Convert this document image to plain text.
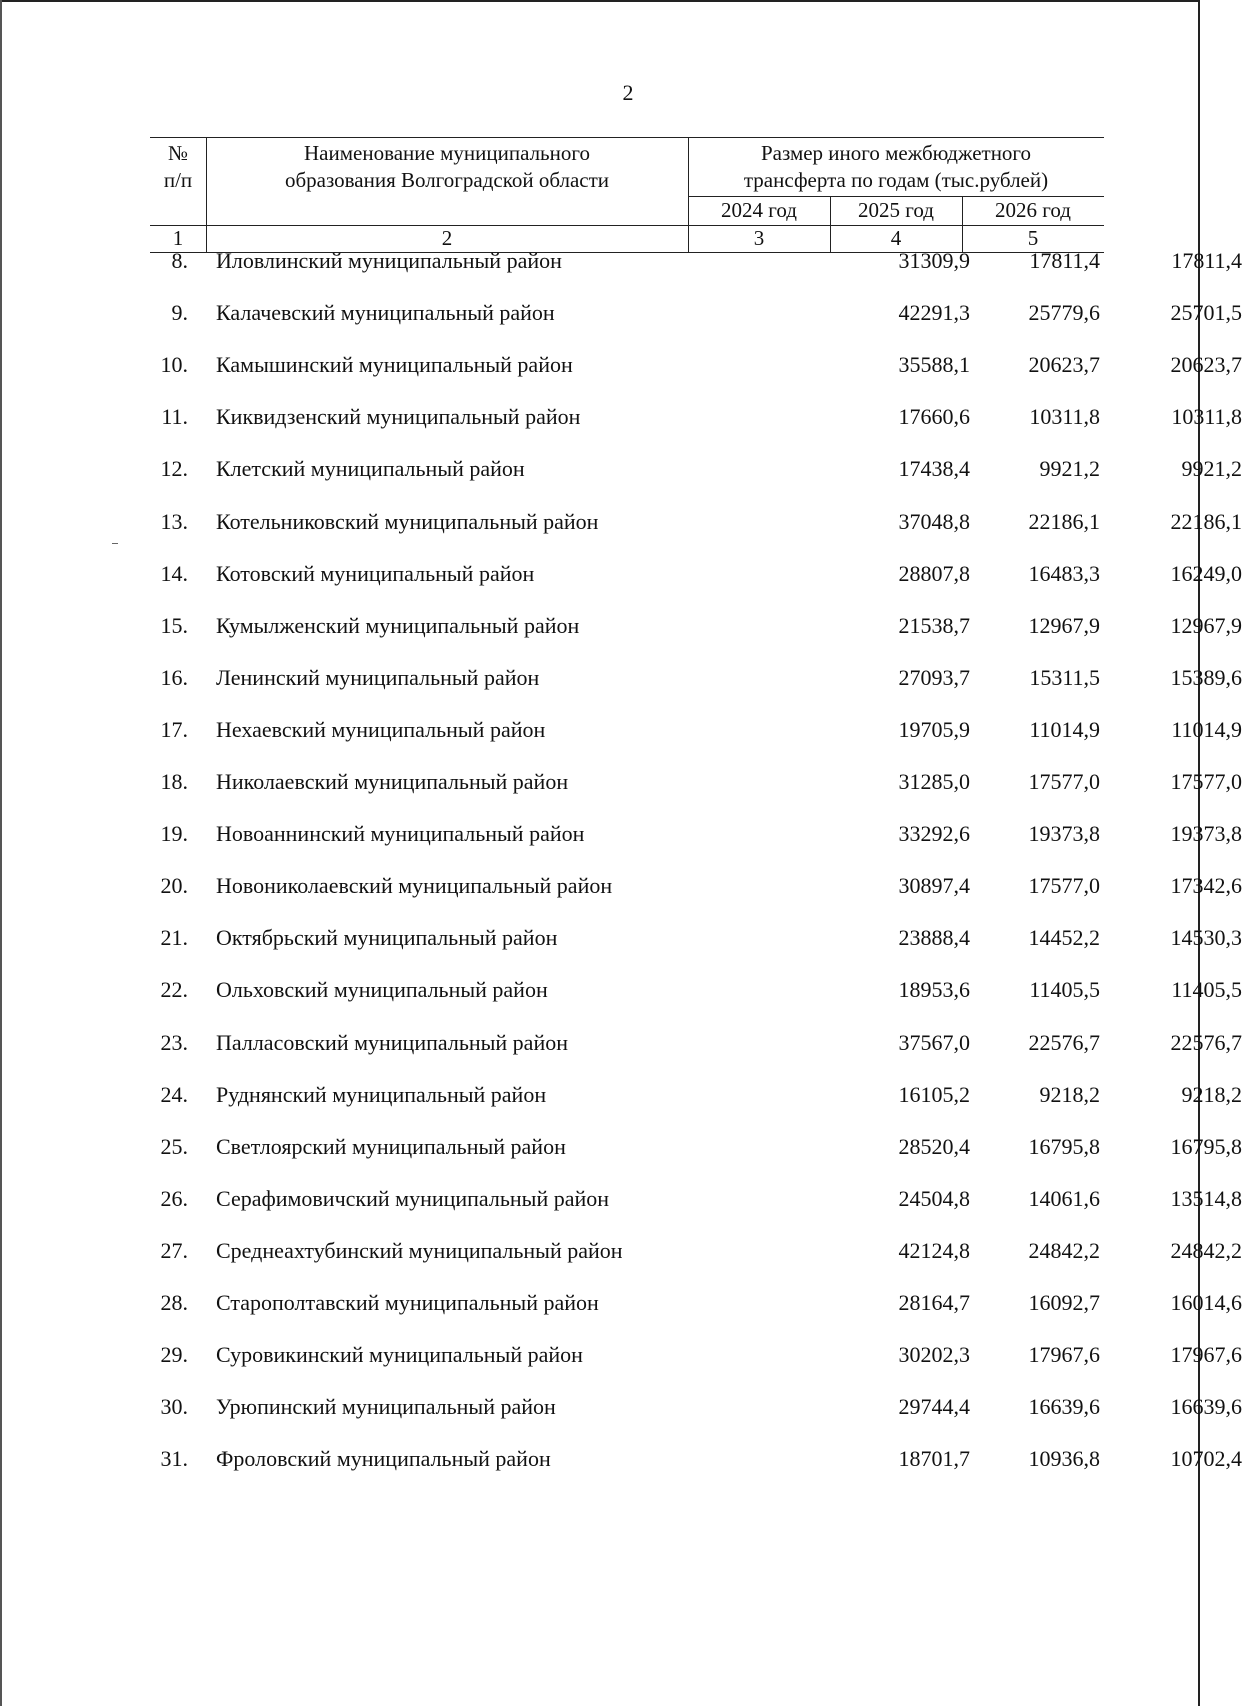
2
№
п/п
Наименование муниципального
образования Волгоградской области
Размер иного межбюджетного
трансферта по годам (тыс.рублей)
2024 год	2025 год	2026 год
1	2	3	4	5
8. Иловлинский муниципальный район	31309,9	17811,4	17811,4
9. Калачевский муниципальный район	42291,3	25779,6	25701,5
10. Камышинский муниципальный район	35588,1	20623,7	20623,7
11. Киквидзенский муниципальный район	17660,6	10311,8	10311,8
12. Клетский муниципальный район	17438,4	9921,2	9921,2
13. Котельниковский муниципальный район	37048,8	22186,1	22186,1
14. Котовский муниципальный район	28807,8	16483,3	16249,0
15. Кумылженский муниципальный район	21538,7	12967,9	12967,9
16. Ленинский муниципальный район	27093,7	15311,5	15389,6
17. Нехаевский муниципальный район	19705,9	11014,9	11014,9
18. Николаевский муниципальный район	31285,0	17577,0	17577,0
19. Новоаннинский муниципальный район	33292,6	19373,8	19373,8
20. Новониколаевский муниципальный район	30897,4	17577,0	17342,6
21. Октябрьский муниципальный район	23888,4	14452,2	14530,3
22. Ольховский муниципальный район	18953,6	11405,5	11405,5
23. Палласовский муниципальный район	37567,0	22576,7	22576,7
24. Руднянский муниципальный район	16105,2	9218,2	9218,2
25. Светлоярский муниципальный район	28520,4	16795,8	16795,8
26. Серафимовичский муниципальный район	24504,8	14061,6	13514,8
27. Среднеахтубинский муниципальный район	42124,8	24842,2	24842,2
28. Старополтавский муниципальный район	28164,7	16092,7	16014,6
29. Суровикинский муниципальный район	30202,3	17967,6	17967,6
30. Урюпинский муниципальный район	29744,4	16639,6	16639,6
31. Фроловский муниципальный район	18701,7	10936,8	10702,4
